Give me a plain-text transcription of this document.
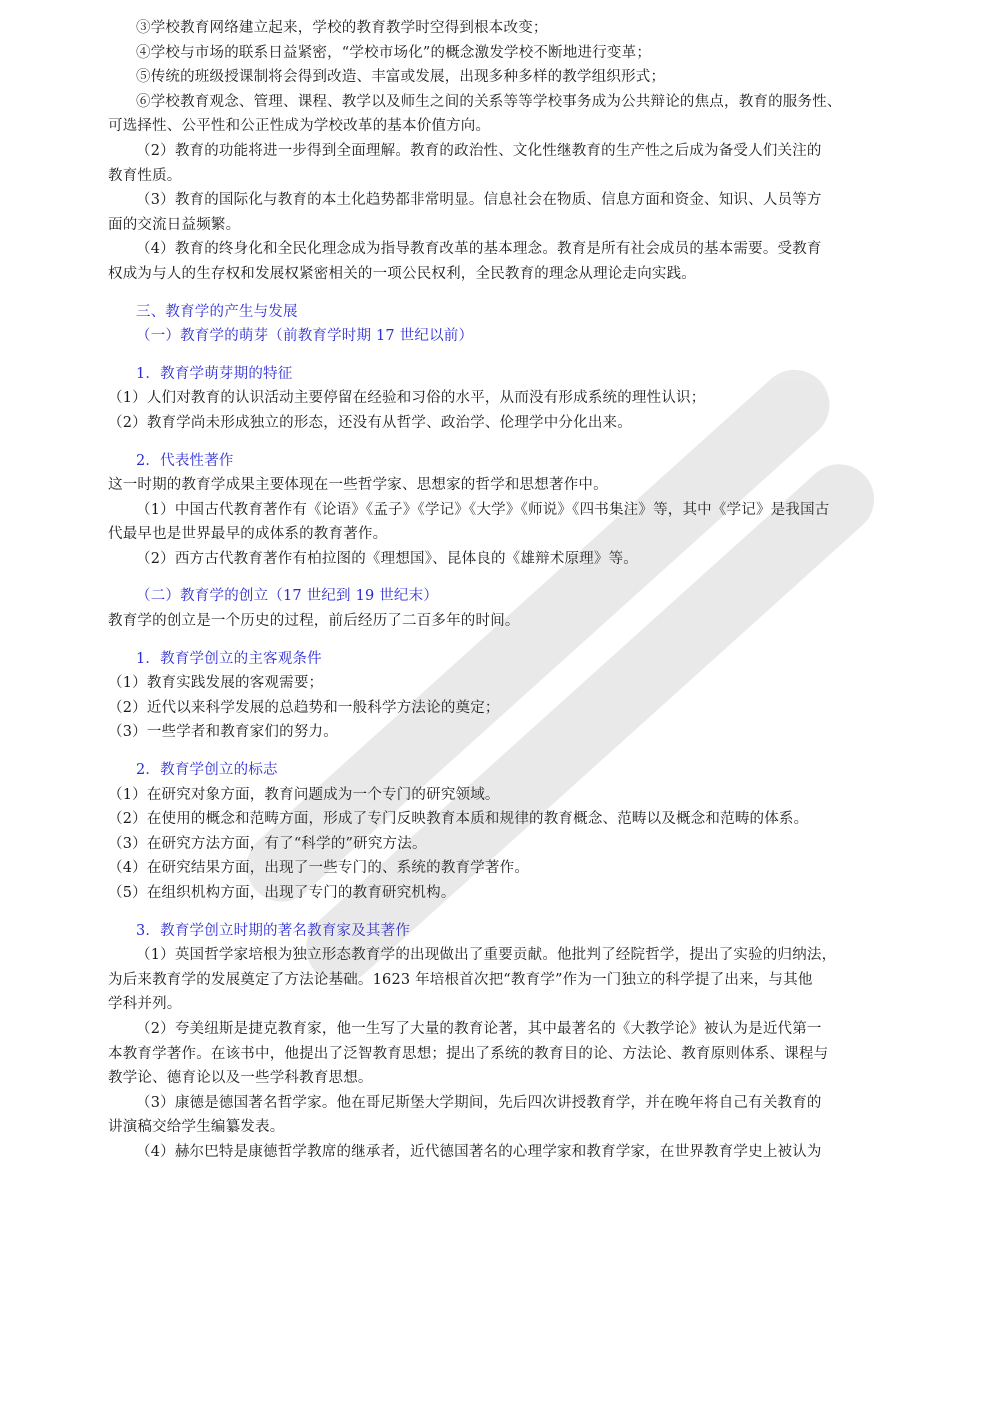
③学校教育网络建立起来，学校的教育教学时空得到根本改变；
④学校与市场的联系日益紧密，“学校市场化”的概念激发学校不断地进行变革；
⑤传统的班级授课制将会得到改造、丰富或发展，出现多种多样的教学组织形式；
⑥学校教育观念、管理、课程、教学以及师生之间的关系等等学校事务成为公共辩论的焦点，教育的服务性、
可选择性、公平性和公正性成为学校改革的基本价值方向。
（2）教育的功能将进一步得到全面理解。教育的政治性、文化性继教育的生产性之后成为备受人们关注的
教育性质。
（3）教育的国际化与教育的本土化趋势都非常明显。信息社会在物质、信息方面和资金、知识、人员等方
面的交流日益频繁。
（4）教育的终身化和全民化理念成为指导教育改革的基本理念。教育是所有社会成员的基本需要。受教育
权成为与人的生存权和发展权紧密相关的一项公民权利，全民教育的理念从理论走向实践。
三、教育学的产生与发展
（一）教育学的萌芽（前教育学时期 17 世纪以前）
1．教育学萌芽期的特征
（1）人们对教育的认识活动主要停留在经验和习俗的水平，从而没有形成系统的理性认识；
（2）教育学尚未形成独立的形态，还没有从哲学、政治学、伦理学中分化出来。
2．代表性著作
这一时期的教育学成果主要体现在一些哲学家、思想家的哲学和思想著作中。
（1）中国古代教育著作有《论语》《孟子》《学记》《大学》《师说》《四书集注》等，其中《学记》是我国古
代最早也是世界最早的成体系的教育著作。
（2）西方古代教育著作有柏拉图的《理想国》、昆体良的《雄辩术原理》等。
（二）教育学的创立（17 世纪到 19 世纪末）
教育学的创立是一个历史的过程，前后经历了二百多年的时间。
1．教育学创立的主客观条件
（1）教育实践发展的客观需要；
（2）近代以来科学发展的总趋势和一般科学方法论的奠定；
（3）一些学者和教育家们的努力。
2．教育学创立的标志
（1）在研究对象方面，教育问题成为一个专门的研究领域。
（2）在使用的概念和范畴方面，形成了专门反映教育本质和规律的教育概念、范畴以及概念和范畴的体系。
（3）在研究方法方面，有了“科学的”研究方法。
（4）在研究结果方面，出现了一些专门的、系统的教育学著作。
（5）在组织机构方面，出现了专门的教育研究机构。
3．教育学创立时期的著名教育家及其著作
（1）英国哲学家培根为独立形态教育学的出现做出了重要贡献。他批判了经院哲学，提出了实验的归纳法，
为后来教育学的发展奠定了方法论基础。1623 年培根首次把“教育学”作为一门独立的科学提了出来，与其他
学科并列。
（2）夸美纽斯是捷克教育家，他一生写了大量的教育论著，其中最著名的《大教学论》被认为是近代第一
本教育学著作。在该书中，他提出了泛智教育思想；提出了系统的教育目的论、方法论、教育原则体系、课程与
教学论、德育论以及一些学科教育思想。
（3）康德是德国著名哲学家。他在哥尼斯堡大学期间，先后四次讲授教育学，并在晚年将自己有关教育的
讲演稿交给学生编纂发表。
（4）赫尔巴特是康德哲学教席的继承者，近代德国著名的心理学家和教育学家，在世界教育学史上被认为
